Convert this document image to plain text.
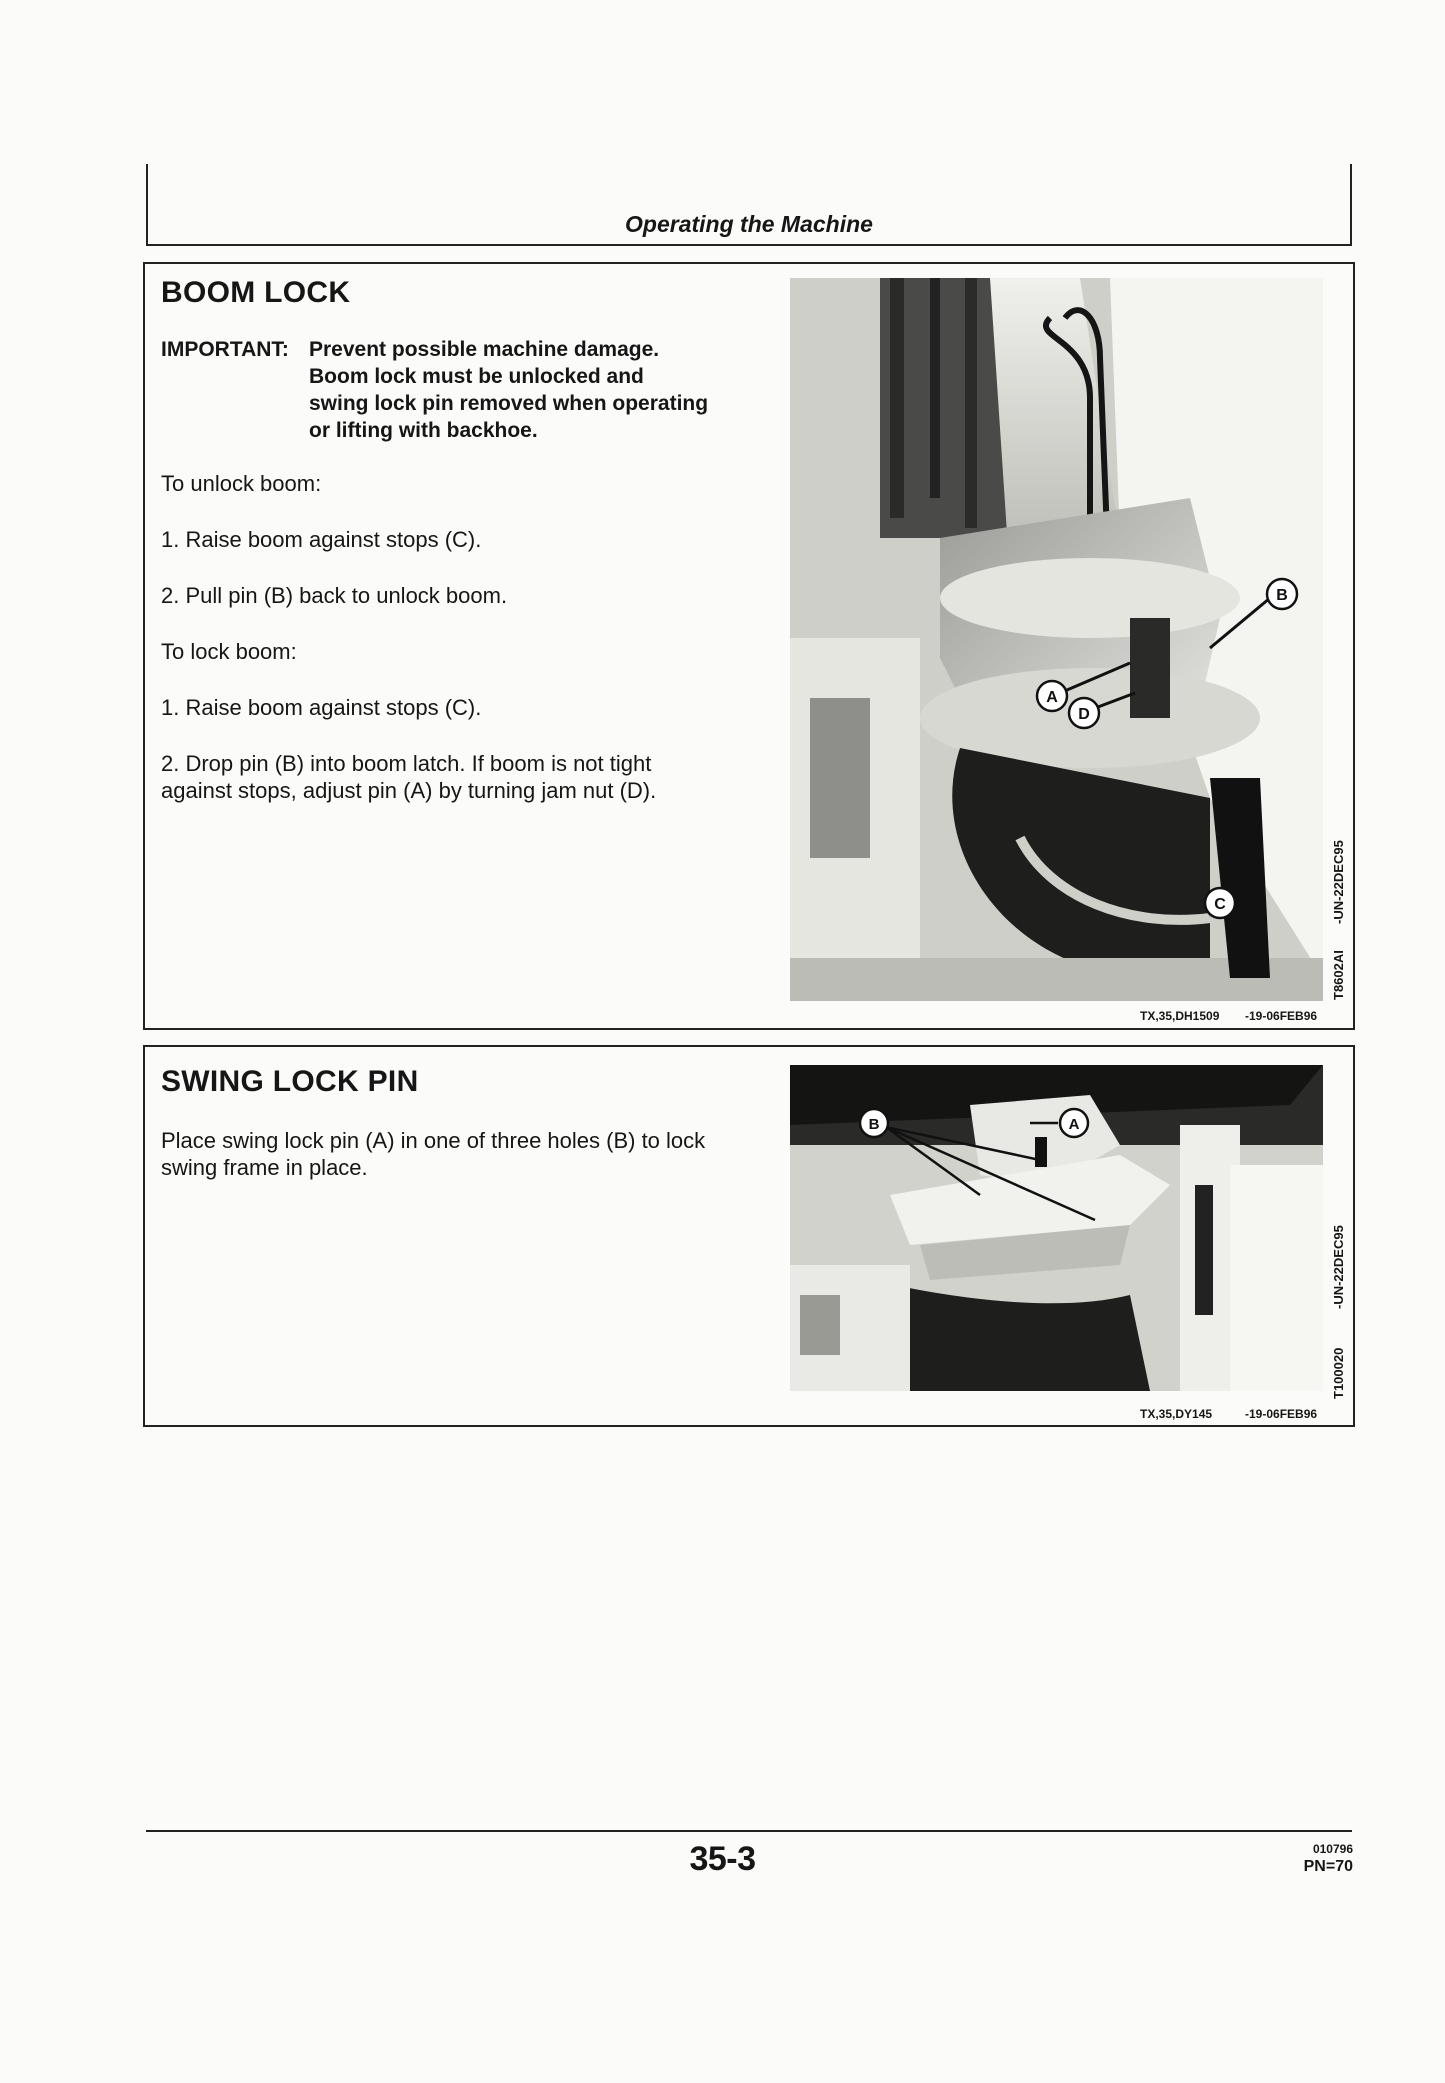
Operating the Machine
BOOM LOCK
IMPORTANT: Prevent possible machine damage.
Boom lock must be unlocked and
swing lock pin removed when operating
or lifting with backhoe.
To unlock boom:
1. Raise boom against stops (C).
2. Pull pin (B) back to unlock boom.
To lock boom:
1. Raise boom against stops (C).
2. Drop pin (B) into boom latch. If boom is not tight
against stops, adjust pin (A) by turning jam nut (D).
A
B
C
D
-UN-22DEC95
T8602AI
TX,35,DH1509 -19-06FEB96
SWING LOCK PIN
Place swing lock pin (A) in one of three holes (B) to lock
swing frame in place.
B	A
-UN-22DEC95
T100020
TX,35,DY145	-19-06FEB96
35-3	010796
PN=70
